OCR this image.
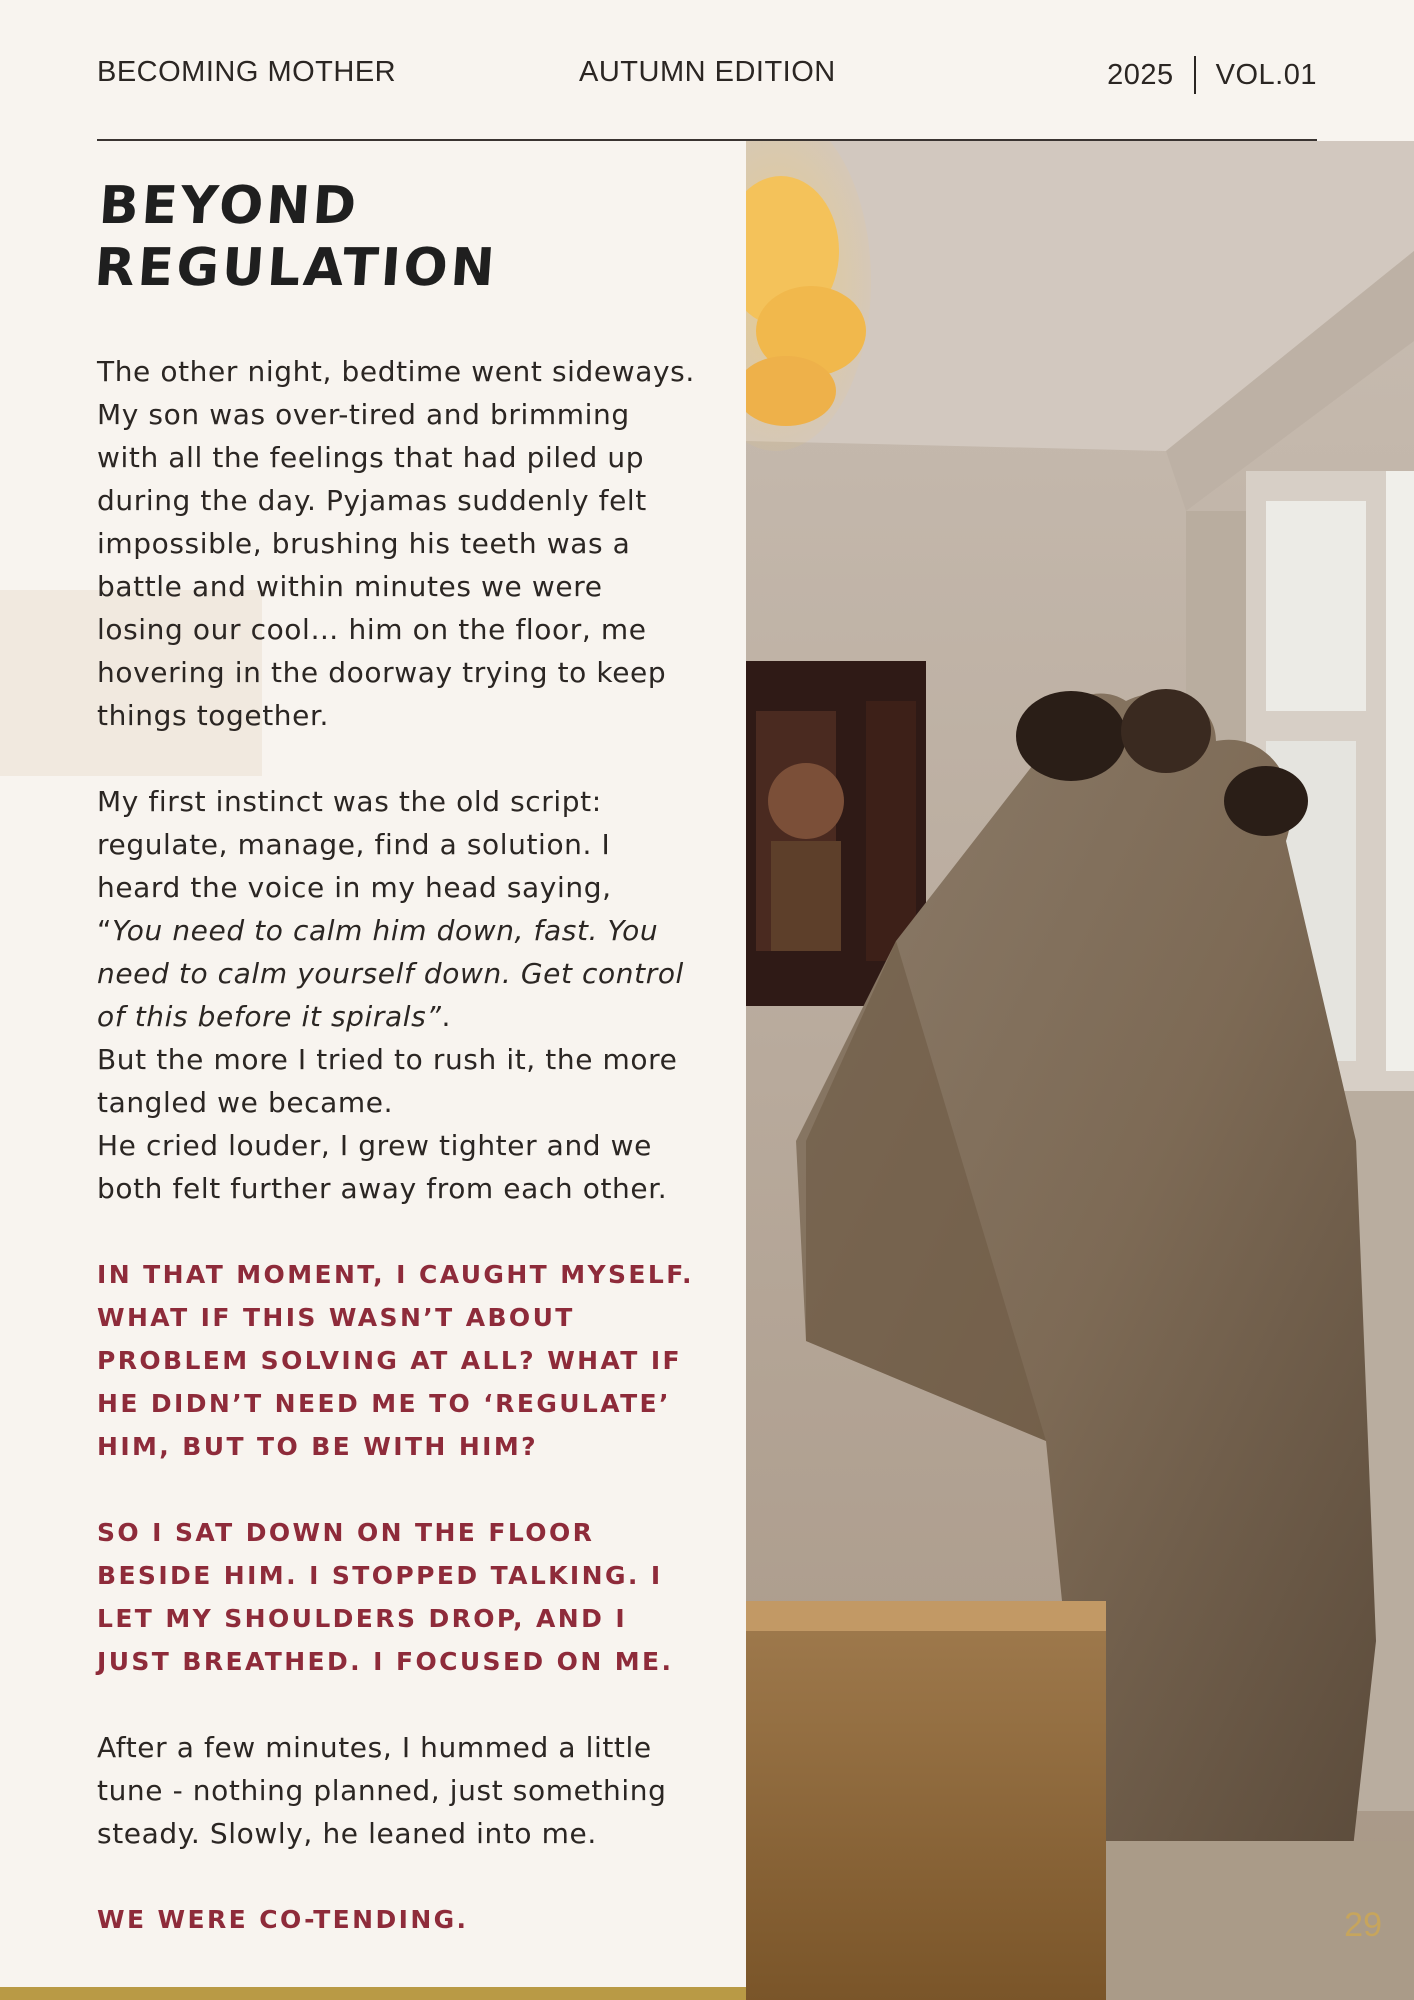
BECOMING MOTHER	AUTUMN EDITION	2025 VOL.01
BEYOND REGULATION

The other night, bedtime went sideways. My son was over-tired and brimming with all the feelings that had piled up during the day. Pyjamas suddenly felt impossible, brushing his teeth was a battle and within minutes we were losing our cool… him on the floor, me hovering in the doorway trying to keep things together.

My first instinct was the old script: regulate, manage, find a solution. I heard the voice in my head saying,
“You need to calm him down, fast. You need to calm yourself down. Get control of this before it spirals”.
But the more I tried to rush it, the more tangled we became.
He cried louder, I grew tighter and we both felt further away from each other.

IN THAT MOMENT, I CAUGHT MYSELF. WHAT IF THIS WASN’T ABOUT PROBLEM SOLVING AT ALL? WHAT IF HE DIDN’T NEED ME TO ‘REGULATE’ HIM, BUT TO BE WITH HIM?

SO I SAT DOWN ON THE FLOOR BESIDE HIM. I STOPPED TALKING. I LET MY SHOULDERS DROP, AND I JUST BREATHED. I FOCUSED ON ME.

After a few minutes, I hummed a little tune - nothing planned, just something steady. Slowly, he leaned into me.

WE WERE CO-TENDING.	29
